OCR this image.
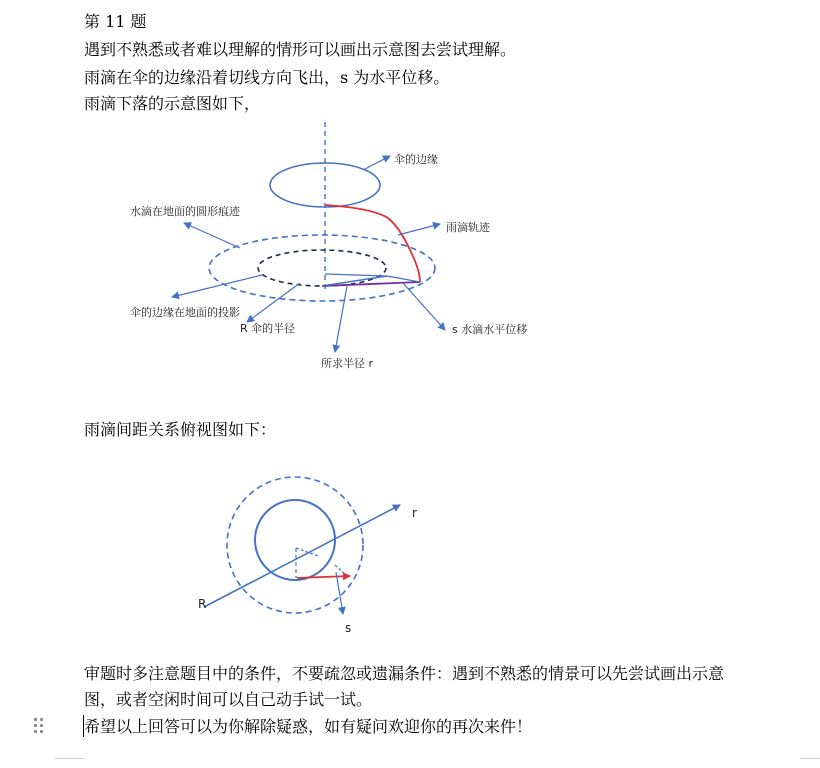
第 11 题
遇到不熟悉或者难以理解的情形可以画出示意图去尝试理解。
雨滴在伞的边缘沿着切线方向飞出，s 为水平位移。
雨滴下落的示意图如下，
伞的边缘
雨滴轨迹
水滴在地面的圆形痕迹
伞的边缘在地面的投影
R 伞的半径	s 水滴水平位移
所求半径 r
r
R
s
雨滴间距关系俯视图如下：
审题时多注意题目中的条件，不要疏忽或遗漏条件：遇到不熟悉的情景可以先尝试画出示意
图，或者空闲时间可以自己动手试一试。
希望以上回答可以为你解除疑惑，如有疑问欢迎你的再次来件！
